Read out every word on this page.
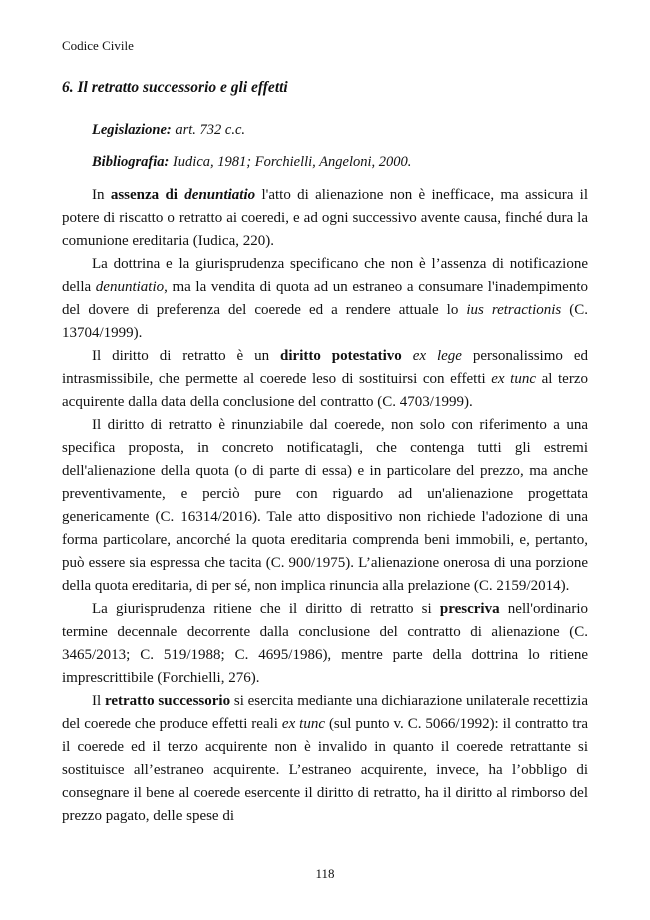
Codice Civile
6. Il retratto successorio e gli effetti
Legislazione: art. 732 c.c.
Bibliografia: Iudica, 1981; Forchielli, Angeloni, 2000.

In assenza di denuntiatio l'atto di alienazione non è inefficace, ma assicura il potere di riscatto o retratto ai coeredi, e ad ogni successivo avente causa, finché dura la comunione ereditaria (Iudica, 220).

La dottrina e la giurisprudenza specificano che non è l’assenza di notificazione della denuntiatio, ma la vendita di quota ad un estraneo a consumare l'inadempimento del dovere di preferenza del coerede ed a rendere attuale lo ius retractionis (C. 13704/1999).

Il diritto di retratto è un diritto potestativo ex lege personalissimo ed intrasmissibile, che permette al coerede leso di sostituirsi con effetti ex tunc al terzo acquirente dalla data della conclusione del contratto (C. 4703/1999).

Il diritto di retratto è rinunziabile dal coerede, non solo con riferimento a una specifica proposta, in concreto notificatagli, che contenga tutti gli estremi dell'alienazione della quota (o di parte di essa) e in particolare del prezzo, ma anche preventivamente, e perciò pure con riguardo ad un'alienazione progettata genericamente (C. 16314/2016). Tale atto dispositivo non richiede l'adozione di una forma particolare, ancorché la quota ereditaria comprenda beni immobili, e, pertanto, può essere sia espressa che tacita (C. 900/1975). L’alienazione onerosa di una porzione della quota ereditaria, di per sé, non implica rinuncia alla prelazione (C. 2159/2014).

La giurisprudenza ritiene che il diritto di retratto si prescriva nell'ordinario termine decennale decorrente dalla conclusione del contratto di alienazione (C. 3465/2013; C. 519/1988; C. 4695/1986), mentre parte della dottrina lo ritiene imprescrittibile (Forchielli, 276).

Il retratto successorio si esercita mediante una dichiarazione unilaterale recettizia del coerede che produce effetti reali ex tunc (sul punto v. C. 5066/1992): il contratto tra il coerede ed il terzo acquirente non è invalido in quanto il coerede retrattante si sostituisce all’estraneo acquirente. L’estraneo acquirente, invece, ha l’obbligo di consegnare il bene al coerede esercente il diritto di retratto, ha il diritto al rimborso del prezzo pagato, delle spese di

118
